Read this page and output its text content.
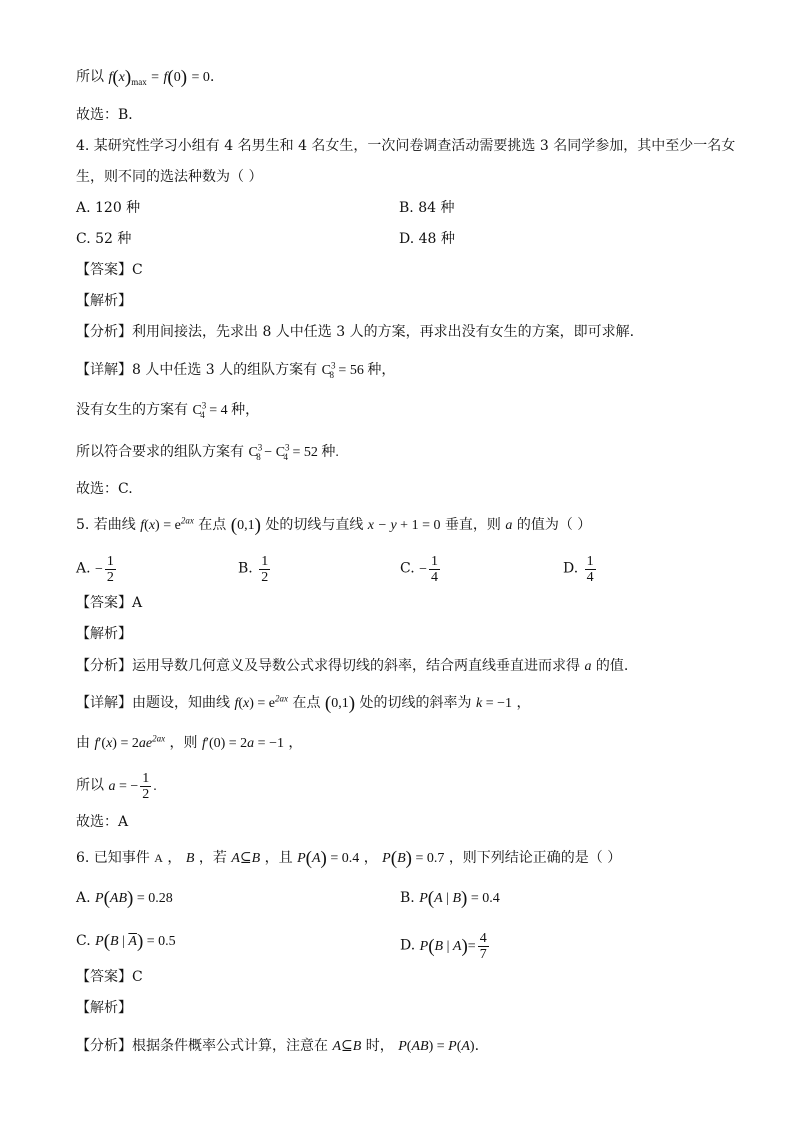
所以 $f(x)_{max} = f(0) = 0$．
故选：B．
4. 某研究性学习小组有 4 名男生和 4 名女生，一次问卷调查活动需要挑选 3 名同学参加，其中至少一名女
生，则不同的选法种数为（ ）
A. 120 种	B. 84 种
C. 52 种	D. 48 种
【答案】C
【解析】
【分析】利用间接法，先求出 8 人中任选 3 人的方案，再求出没有女生的方案，即可求解.
【详解】8 人中任选 3 人的组队方案有 $C^3_8 = 56$ 种，
没有女生的方案有 $C^3_4 = 4$ 种，
所以符合要求的组队方案有 $C^3_8 - C^3_4 = 52$ 种.
故选：C.
5. 若曲线 $f(x) = e^{2ax}$ 在点 (0,1) 处的切线与直线 x − y + 1 = 0 垂直，则 a 的值为（ ）
A. − $\frac{1}{2}$	B. $\frac{1}{2}$	C. − $\frac{1}{4}$	D. $\frac{1}{4}$
【答案】A
【解析】
【分析】运用导数几何意义及导数公式求得切线的斜率，结合两直线垂直进而求得 a 的值.
【详解】由题设，知曲线 $f(x) = e^{2ax}$ 在点 (0,1) 处的切线的斜率为 k = −1 ，
由 $f'(x) = 2ae^{2ax}$ ，则 f′(0) = 2a = −1 ，
所以 a = − $\frac{1}{2}$ .
故选：A
6. 已知事件 A ， B ，若 A⊆B ，且 P(A) = 0.4 ， P(B) = 0.7 ，则下列结论正确的是（ ）
A. P(AB) = 0.28	B. P(A | B) = 0.4
C. P(B | $\overline{A}) = 0.5$	D. P(B | $A)= \frac{4}{7}$
【答案】C
【解析】
【分析】根据条件概率公式计算，注意在 A⊆B 时， P(AB) = P(A).
